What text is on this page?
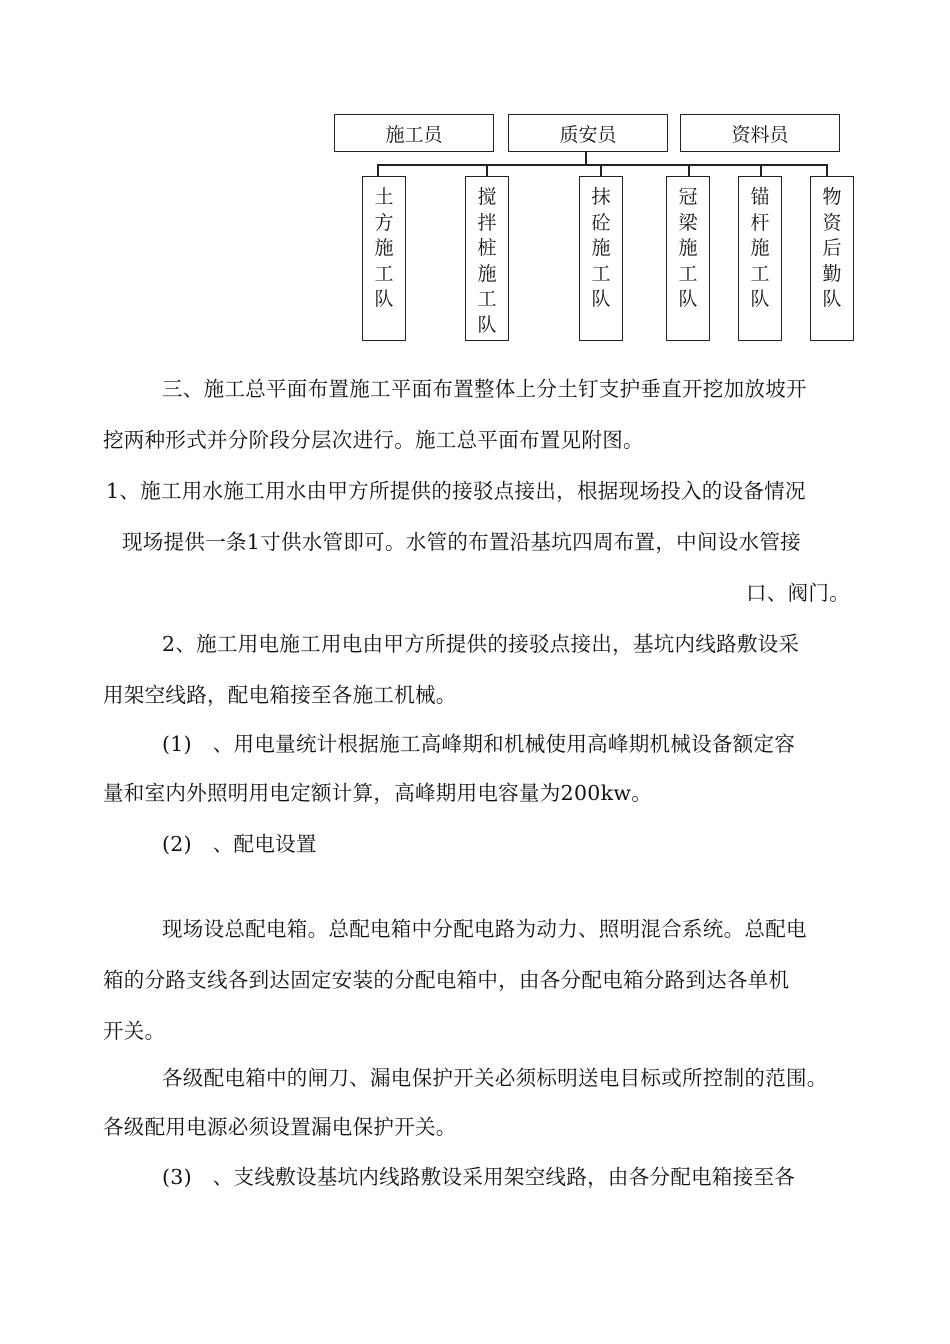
施工员	质安员	资料员
土
方
施
工
队
搅
拌
桩
施
工
队
抹
砼
施
工
队
冠
梁
施
工
队
锚
杆
施
工
队
物
资
后
勤
队
三、施工总平面布置施工平面布置整体上分土钉支护垂直开挖加放坡开
挖两种形式并分阶段分层次进行。施工总平面布置见附图。
1、施工用水施工用水由甲方所提供的接驳点接出，根据现场投入的设备情况
现场提供一条1寸供水管即可。水管的布置沿基坑四周布置，中间设水管接
口、阀门。
2、施工用电施工用电由甲方所提供的接驳点接出，基坑内线路敷设采
用架空线路，配电箱接至各施工机械。
(1)　、用电量统计根据施工高峰期和机械使用高峰期机械设备额定容
量和室内外照明用电定额计算，高峰期用电容量为200kw。
(2)　、配电设置
现场设总配电箱。总配电箱中分配电路为动力、照明混合系统。总配电
箱的分路支线各到达固定安装的分配电箱中，由各分配电箱分路到达各单机
开关。
各级配电箱中的闸刀、漏电保护开关必须标明送电目标或所控制的范围。
各级配用电源必须设置漏电保护开关。
(3)　、支线敷设基坑内线路敷设采用架空线路，由各分配电箱接至各
